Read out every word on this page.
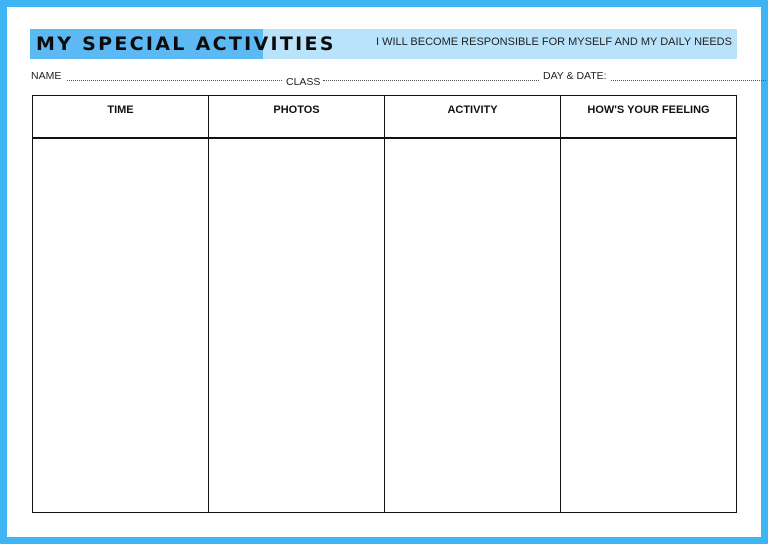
MY SPECIAL ACTIVITIES	I WILL BECOME RESPONSIBLE FOR MYSELF AND MY DAILY NEEDS
NAME	CLASS	DAY & DATE:
TIME	PHOTOS	ACTIVITY	HOW'S YOUR FEELING
